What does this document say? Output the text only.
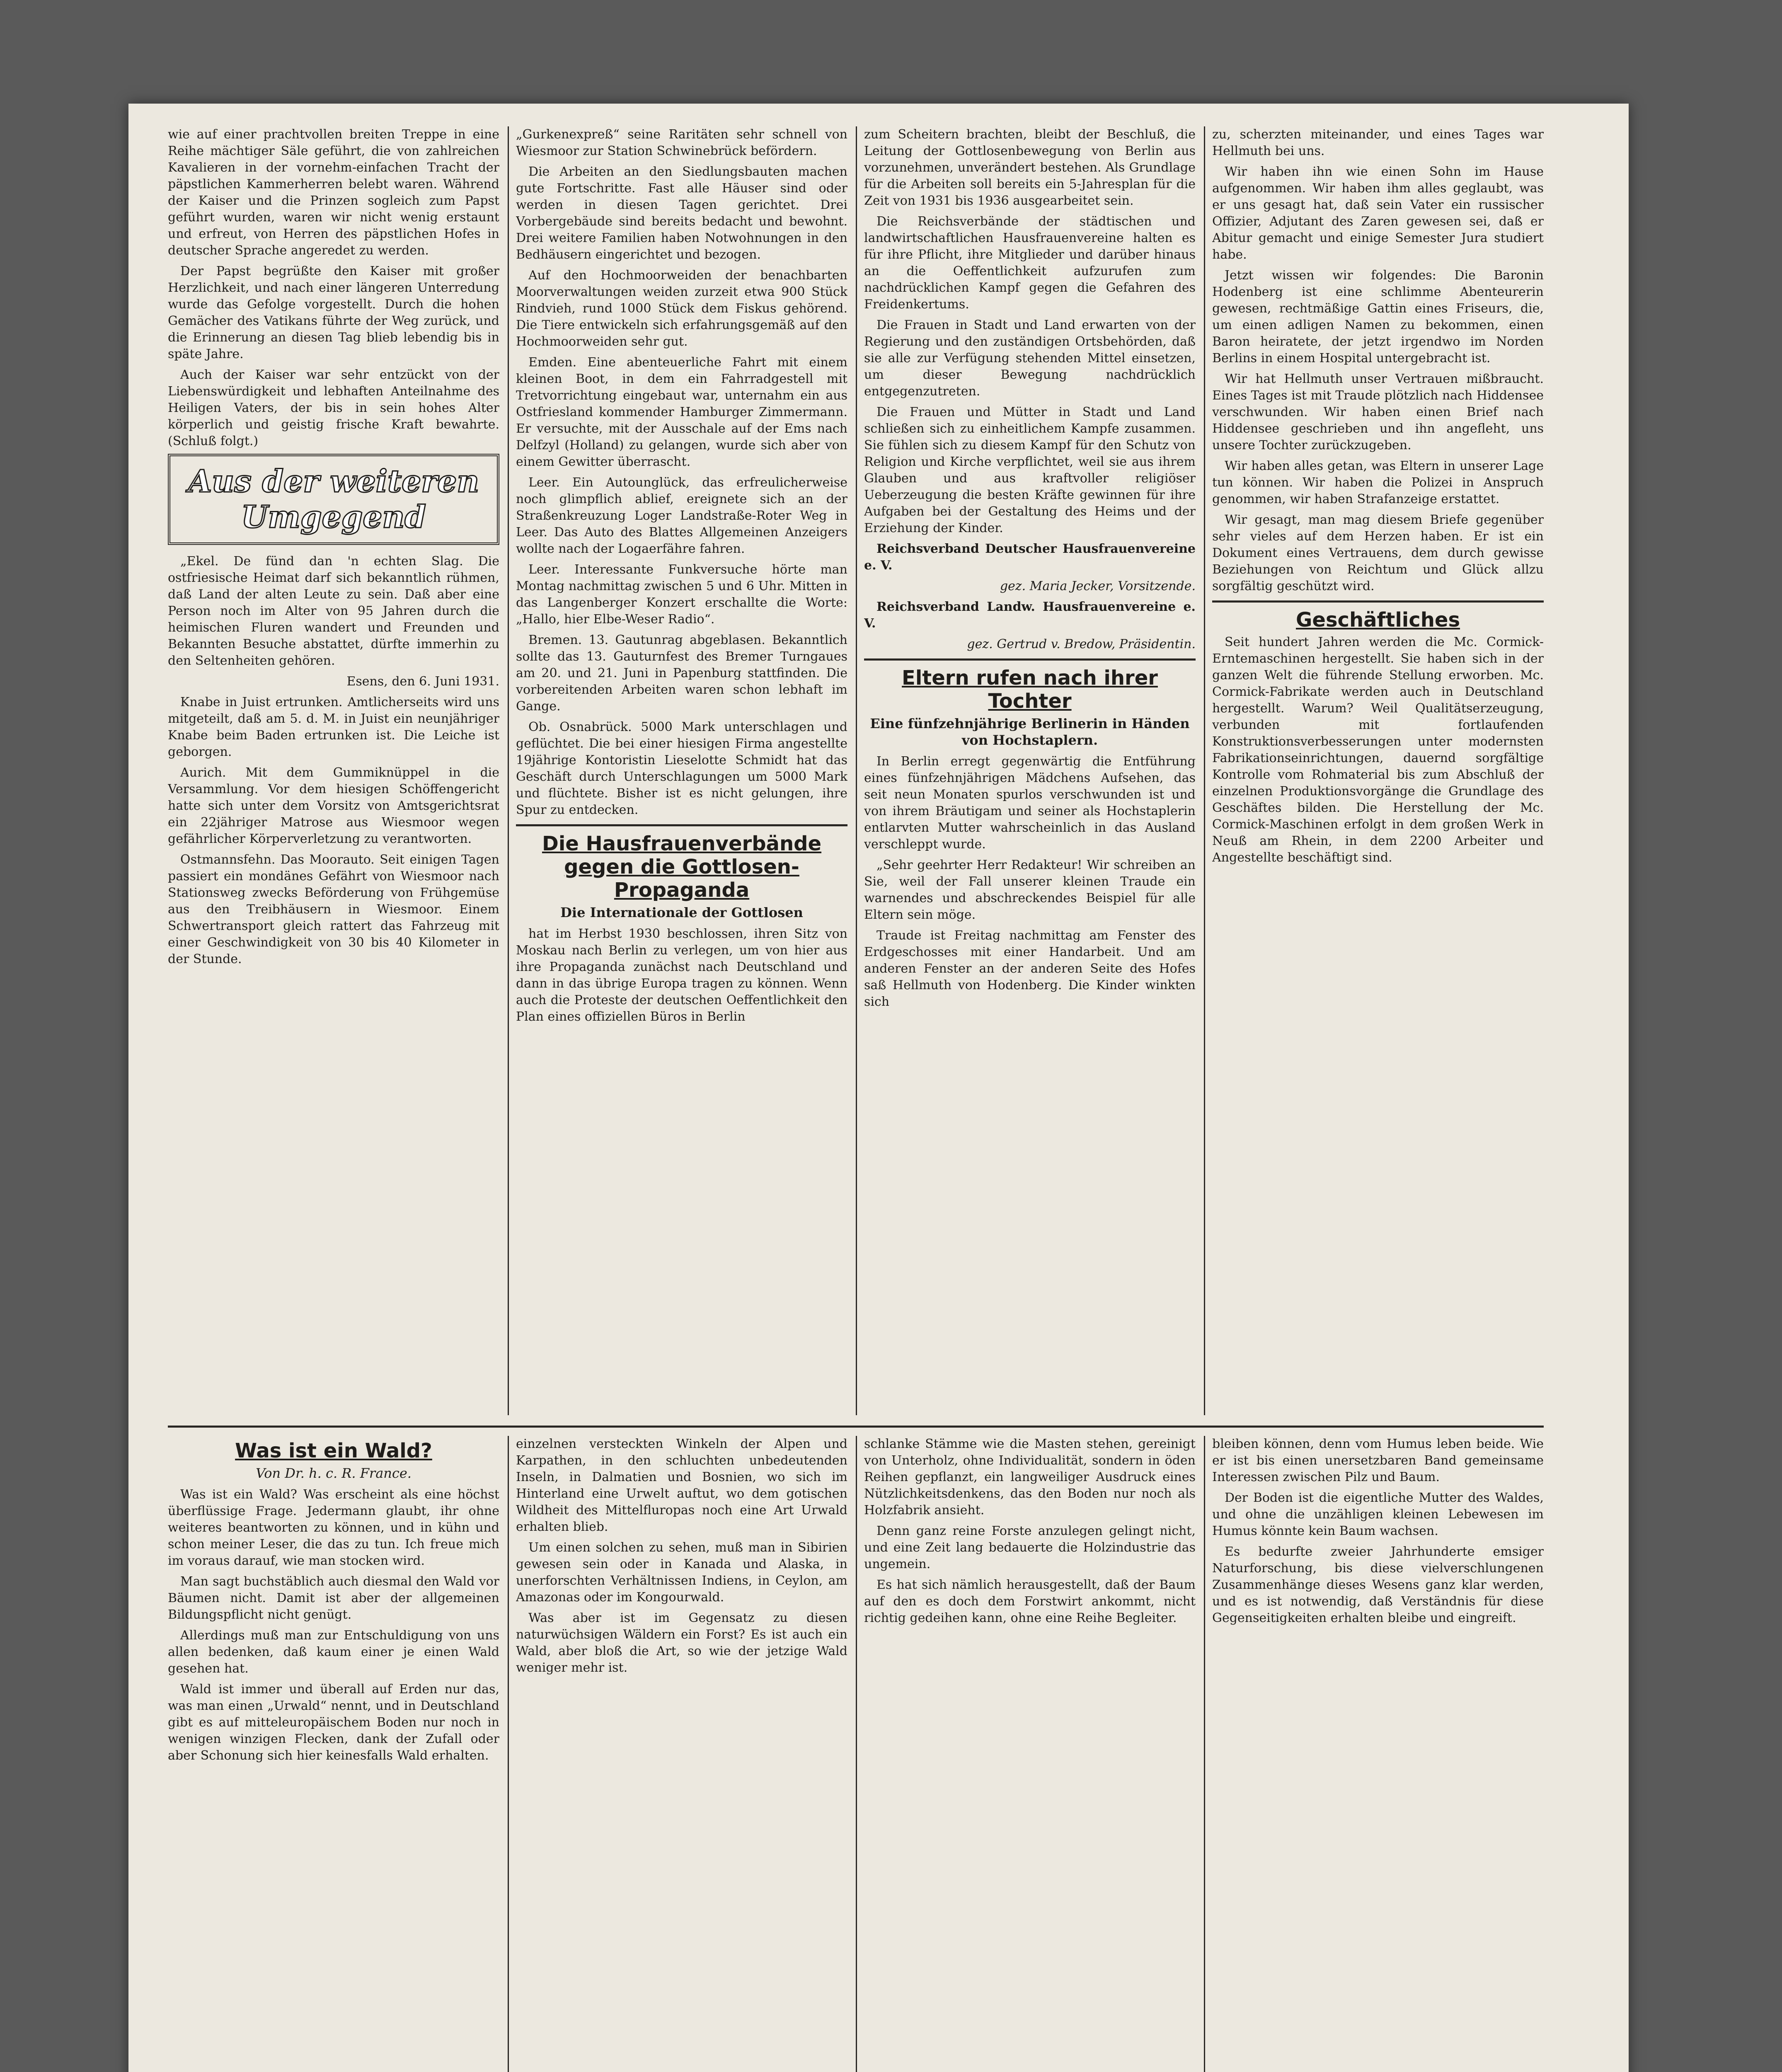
wie auf einer prachtvollen breiten Treppe in eine Reihe mächtiger Säle geführt, die von zahlreichen Kavalieren in der vornehm-einfachen Tracht der päpstlichen Kammerherren belebt waren. Während der Kaiser und die Prinzen sogleich zum Papst geführt wurden, waren wir nicht wenig erstaunt und erfreut, von Herren des päpstlichen Hofes in deutscher Sprache angeredet zu werden.

Der Papst begrüßte den Kaiser mit großer Herzlichkeit, und nach einer längeren Unterredung wurde das Gefolge vorgestellt. Durch die hohen Gemächer des Vatikans führte der Weg zurück, und die Erinnerung an diesen Tag blieb lebendig bis in späte Jahre.

Auch der Kaiser war sehr entzückt von der Liebenswürdigkeit und lebhaften Anteilnahme des Heiligen Vaters, der bis in sein hohes Alter körperlich und geistig frische Kraft bewahrte. (Schluß folgt.)

Aus der weiteren
Umgegend

„Ekel. De fünd dan 'n echten Slag. Die ostfriesische Heimat darf sich bekanntlich rühmen, daß Land der alten Leute zu sein. Daß aber eine Person noch im Alter von 95 Jahren durch die heimischen Fluren wandert und Freunden und Bekannten Besuche abstattet, dürfte immerhin zu den Seltenheiten gehören.

Esens, den 6. Juni 1931.

Knabe in Juist ertrunken. Amtlicherseits wird uns mitgeteilt, daß am 5. d. M. in Juist ein neunjähriger Knabe beim Baden ertrunken ist. Die Leiche ist geborgen.

Aurich. Mit dem Gummiknüppel in die Versammlung. Vor dem hiesigen Schöffengericht hatte sich unter dem Vorsitz von Amtsgerichtsrat ein 22jähriger Matrose aus Wiesmoor wegen gefährlicher Körperverletzung zu verantworten.

Ostmannsfehn. Das Moorauto. Seit einigen Tagen passiert ein mondänes Gefährt von Wiesmoor nach Stationsweg zwecks Beförderung von Frühgemüse aus den Treibhäusern in Wiesmoor. Einem Schwertransport gleich rattert das Fahrzeug mit einer Geschwindigkeit von 30 bis 40 Kilometer in der Stunde.

„Gurkenexpreß“ seine Raritäten sehr schnell von Wiesmoor zur Station Schwinebrück befördern.

Die Arbeiten an den Siedlungsbauten machen gute Fortschritte. Fast alle Häuser sind oder werden in diesen Tagen gerichtet. Drei Vorbergebäude sind bereits bedacht und bewohnt. Drei weitere Familien haben Notwohnungen in den Bedhäusern eingerichtet und bezogen.

Auf den Hochmoorweiden der benachbarten Moorverwaltungen weiden zurzeit etwa 900 Stück Rindvieh, rund 1000 Stück dem Fiskus gehörend. Die Tiere entwickeln sich erfahrungsgemäß auf den Hochmoorweiden sehr gut.

Emden. Eine abenteuerliche Fahrt mit einem kleinen Boot, in dem ein Fahrradgestell mit Tretvorrichtung eingebaut war, unternahm ein aus Ostfriesland kommender Hamburger Zimmermann. Er versuchte, mit der Ausschale auf der Ems nach Delfzyl (Holland) zu gelangen, wurde sich aber von einem Gewitter überrascht.

Leer. Ein Autounglück, das erfreulicherweise noch glimpflich ablief, ereignete sich an der Straßenkreuzung Loger Landstraße-Roter Weg in Leer. Das Auto des Blattes Allgemeinen Anzeigers wollte nach der Logaerfähre fahren.

Leer. Interessante Funkversuche hörte man Montag nachmittag zwischen 5 und 6 Uhr. Mitten in das Langenberger Konzert erschallte die Worte: „Hallo, hier Elbe-Weser Radio“.

Bremen. 13. Gautunrag abgeblasen. Bekanntlich sollte das 13. Gauturnfest des Bremer Turngaues am 20. und 21. Juni in Papenburg stattfinden. Die vorbereitenden Arbeiten waren schon lebhaft im Gange.

Ob. Osnabrück. 5000 Mark unterschlagen und geflüchtet. Die bei einer hiesigen Firma angestellte 19jährige Kontoristin Lieselotte Schmidt hat das Geschäft durch Unterschlagungen um 5000 Mark und flüchtete. Bisher ist es nicht gelungen, ihre Spur zu entdecken.

Die Hausfrauenverbände gegen die Gottlosen-Propaganda
Die Internationale der Gottlosen

hat im Herbst 1930 beschlossen, ihren Sitz von Moskau nach Berlin zu verlegen, um von hier aus ihre Propaganda zunächst nach Deutschland und dann in das übrige Europa tragen zu können. Wenn auch die Proteste der deutschen Oeffentlichkeit den Plan eines offiziellen Büros in Berlin

zum Scheitern brachten, bleibt der Beschluß, die Leitung der Gottlosenbewegung von Berlin aus vorzunehmen, unverändert bestehen. Als Grundlage für die Arbeiten soll bereits ein 5-Jahresplan für die Zeit von 1931 bis 1936 ausgearbeitet sein.

Die Reichsverbände der städtischen und landwirtschaftlichen Hausfrauenvereine halten es für ihre Pflicht, ihre Mitglieder und darüber hinaus an die Oeffentlichkeit aufzurufen zum nachdrücklichen Kampf gegen die Gefahren des Freidenkertums.

Die Frauen in Stadt und Land erwarten von der Regierung und den zuständigen Ortsbehörden, daß sie alle zur Verfügung stehenden Mittel einsetzen, um dieser Bewegung nachdrücklich entgegenzutreten.

Die Frauen und Mütter in Stadt und Land schließen sich zu einheitlichem Kampfe zusammen. Sie fühlen sich zu diesem Kampf für den Schutz von Religion und Kirche verpflichtet, weil sie aus ihrem Glauben und aus kraftvoller religiöser Ueberzeugung die besten Kräfte gewinnen für ihre Aufgaben bei der Gestaltung des Heims und der Erziehung der Kinder.

Reichsverband Deutscher Hausfrauenvereine e. V.

gez. Maria Jecker, Vorsitzende.

Reichsverband Landw. Hausfrauenvereine e. V.

gez. Gertrud v. Bredow, Präsidentin.

Eltern rufen nach ihrer Tochter
Eine fünfzehnjährige Berlinerin in Händen von Hochstaplern.

In Berlin erregt gegenwärtig die Entführung eines fünfzehnjährigen Mädchens Aufsehen, das seit neun Monaten spurlos verschwunden ist und von ihrem Bräutigam und seiner als Hochstaplerin entlarvten Mutter wahrscheinlich in das Ausland verschleppt wurde.

„Sehr geehrter Herr Redakteur! Wir schreiben an Sie, weil der Fall unserer kleinen Traude ein warnendes und abschreckendes Beispiel für alle Eltern sein möge.

Traude ist Freitag nachmittag am Fenster des Erdgeschosses mit einer Handarbeit. Und am anderen Fenster an der anderen Seite des Hofes saß Hellmuth von Hodenberg. Die Kinder winkten sich

zu, scherzten miteinander, und eines Tages war Hellmuth bei uns.

Wir haben ihn wie einen Sohn im Hause aufgenommen. Wir haben ihm alles geglaubt, was er uns gesagt hat, daß sein Vater ein russischer Offizier, Adjutant des Zaren gewesen sei, daß er Abitur gemacht und einige Semester Jura studiert habe.

Jetzt wissen wir folgendes: Die Baronin Hodenberg ist eine schlimme Abenteurerin gewesen, rechtmäßige Gattin eines Friseurs, die, um einen adligen Namen zu bekommen, einen Baron heiratete, der jetzt irgendwo im Norden Berlins in einem Hospital untergebracht ist.

Wir hat Hellmuth unser Vertrauen mißbraucht. Eines Tages ist mit Traude plötzlich nach Hiddensee verschwunden. Wir haben einen Brief nach Hiddensee geschrieben und ihn angefleht, uns unsere Tochter zurückzugeben.

Wir haben alles getan, was Eltern in unserer Lage tun können. Wir haben die Polizei in Anspruch genommen, wir haben Strafanzeige erstattet.

Wir gesagt, man mag diesem Briefe gegenüber sehr vieles auf dem Herzen haben. Er ist ein Dokument eines Vertrauens, dem durch gewisse Beziehungen von Reichtum und Glück allzu sorgfältig geschützt wird.

Geschäftliches

Seit hundert Jahren werden die Mc. Cormick-Erntemaschinen hergestellt. Sie haben sich in der ganzen Welt die führende Stellung erworben. Mc. Cormick-Fabrikate werden auch in Deutschland hergestellt. Warum? Weil Qualitätserzeugung, verbunden mit fortlaufenden Konstruktionsverbesserungen unter modernsten Fabrikationseinrichtungen, dauernd sorgfältige Kontrolle vom Rohmaterial bis zum Abschluß der einzelnen Produktionsvorgänge die Grundlage des Geschäftes bilden. Die Herstellung der Mc. Cormick-Maschinen erfolgt in dem großen Werk in Neuß am Rhein, in dem 2200 Arbeiter und Angestellte beschäftigt sind.

Was ist ein Wald?
Von Dr. h. c. R. France.

Was ist ein Wald? Was erscheint als eine höchst überflüssige Frage. Jedermann glaubt, ihr ohne weiteres beantworten zu können, und in kühn und schon meiner Leser, die das zu tun. Ich freue mich im voraus darauf, wie man stocken wird.

Man sagt buchstäblich auch diesmal den Wald vor Bäumen nicht. Damit ist aber der allgemeinen Bildungspflicht nicht genügt.

Allerdings muß man zur Entschuldigung von uns allen bedenken, daß kaum einer je einen Wald gesehen hat.

Wald ist immer und überall auf Erden nur das, was man einen „Urwald“ nennt, und in Deutschland gibt es auf mitteleuropäischem Boden nur noch in wenigen winzigen Flecken, dank der Zufall oder aber Schonung sich hier keinesfalls Wald erhalten.

einzelnen versteckten Winkeln der Alpen und Karpathen, in den schluchten unbedeutenden Inseln, in Dalmatien und Bosnien, wo sich im Hinterland eine Urwelt auftut, wo dem gotischen Wildheit des Mittelfluropas noch eine Art Urwald erhalten blieb.

Um einen solchen zu sehen, muß man in Sibirien gewesen sein oder in Kanada und Alaska, in unerforschten Verhältnissen Indiens, in Ceylon, am Amazonas oder im Kongourwald.

Was aber ist im Gegensatz zu diesen naturwüchsigen Wäldern ein Forst? Es ist auch ein Wald, aber bloß die Art, so wie der jetzige Wald weniger mehr ist.

schlanke Stämme wie die Masten stehen, gereinigt von Unterholz, ohne Individualität, sondern in öden Reihen gepflanzt, ein langweiliger Ausdruck eines Nützlichkeitsdenkens, das den Boden nur noch als Holzfabrik ansieht.

Denn ganz reine Forste anzulegen gelingt nicht, und eine Zeit lang bedauerte die Holzindustrie das ungemein.

Es hat sich nämlich herausgestellt, daß der Baum auf den es doch dem Forstwirt ankommt, nicht richtig gedeihen kann, ohne eine Reihe Begleiter.

bleiben können, denn vom Humus leben beide. Wie er ist bis einen unersetzbaren Band gemeinsame Interessen zwischen Pilz und Baum.

Der Boden ist die eigentliche Mutter des Waldes, und ohne die unzähligen kleinen Lebewesen im Humus könnte kein Baum wachsen.

Es bedurfte zweier Jahrhunderte emsiger Naturforschung, bis diese vielverschlungenen Zusammenhänge dieses Wesens ganz klar werden, und es ist notwendig, daß Verständnis für diese Gegenseitigkeiten erhalten bleibe und eingreift.
